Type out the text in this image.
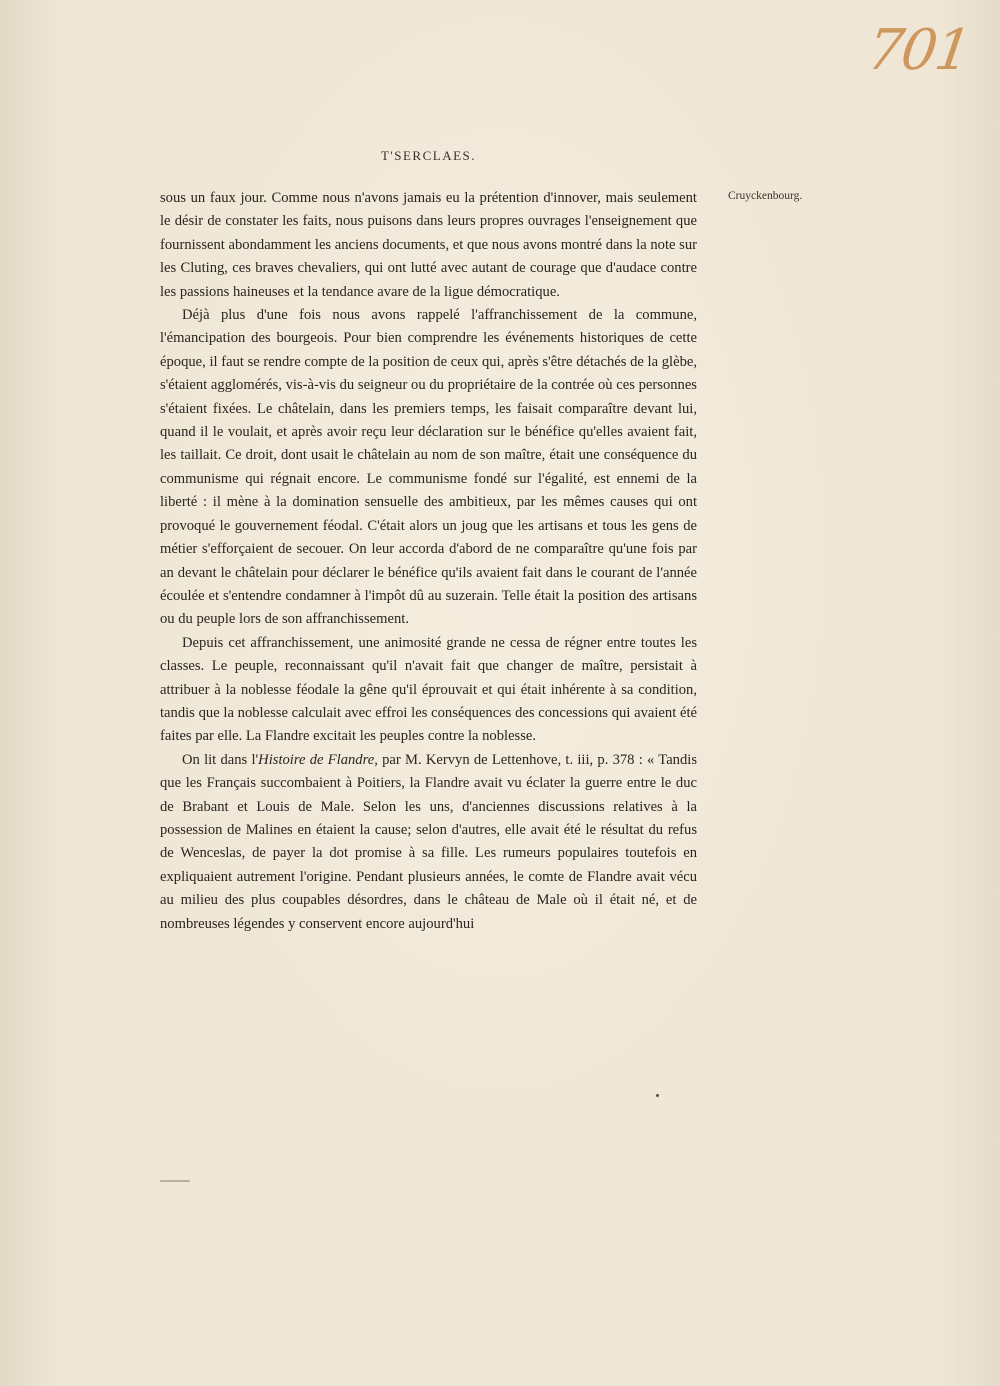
701
T'SERCLAES.
Cruyckenbourg.

sous un faux jour. Comme nous n'avons jamais eu la prétention d'innover, mais seulement le désir de constater les faits, nous puisons dans leurs propres ouvrages l'enseignement que fournissent abondamment les anciens documents, et que nous avons montré dans la note sur les Cluting, ces braves chevaliers, qui ont lutté avec autant de courage que d'audace contre les passions haineuses et la tendance avare de la ligue démocratique.

Déjà plus d'une fois nous avons rappelé l'affranchissement de la commune, l'émancipation des bourgeois. Pour bien comprendre les événements historiques de cette époque, il faut se rendre compte de la position de ceux qui, après s'être détachés de la glèbe, s'étaient agglomérés, vis-à-vis du seigneur ou du propriétaire de la contrée où ces personnes s'étaient fixées. Le châtelain, dans les premiers temps, les faisait comparaître devant lui, quand il le voulait, et après avoir reçu leur déclaration sur le bénéfice qu'elles avaient fait, les taillait. Ce droit, dont usait le châtelain au nom de son maître, était une conséquence du communisme qui régnait encore. Le communisme fondé sur l'égalité, est ennemi de la liberté : il mène à la domination sensuelle des ambitieux, par les mêmes causes qui ont provoqué le gouvernement féodal. C'était alors un joug que les artisans et tous les gens de métier s'efforçaient de secouer. On leur accorda d'abord de ne comparaître qu'une fois par an devant le châtelain pour déclarer le bénéfice qu'ils avaient fait dans le courant de l'année écoulée et s'entendre condamner à l'impôt dû au suzerain. Telle était la position des artisans ou du peuple lors de son affranchissement.

Depuis cet affranchissement, une animosité grande ne cessa de régner entre toutes les classes. Le peuple, reconnaissant qu'il n'avait fait que changer de maître, persistait à attribuer à la noblesse féodale la gêne qu'il éprouvait et qui était inhérente à sa condition, tandis que la noblesse calculait avec effroi les conséquences des concessions qui avaient été faites par elle. La Flandre excitait les peuples contre la noblesse.

On lit dans l'Histoire de Flandre, par M. Kervyn de Lettenhove, t. iii, p. 378 : « Tandis que les Français succombaient à Poitiers, la Flandre avait vu éclater la guerre entre le duc de Brabant et Louis de Male. Selon les uns, d'anciennes discussions relatives à la possession de Malines en étaient la cause; selon d'autres, elle avait été le résultat du refus de Wenceslas, de payer la dot promise à sa fille. Les rumeurs populaires toutefois en expliquaient autrement l'origine. Pendant plusieurs années, le comte de Flandre avait vécu au milieu des plus coupables désordres, dans le château de Male où il était né, et de nombreuses légendes y conservent encore aujourd'hui
